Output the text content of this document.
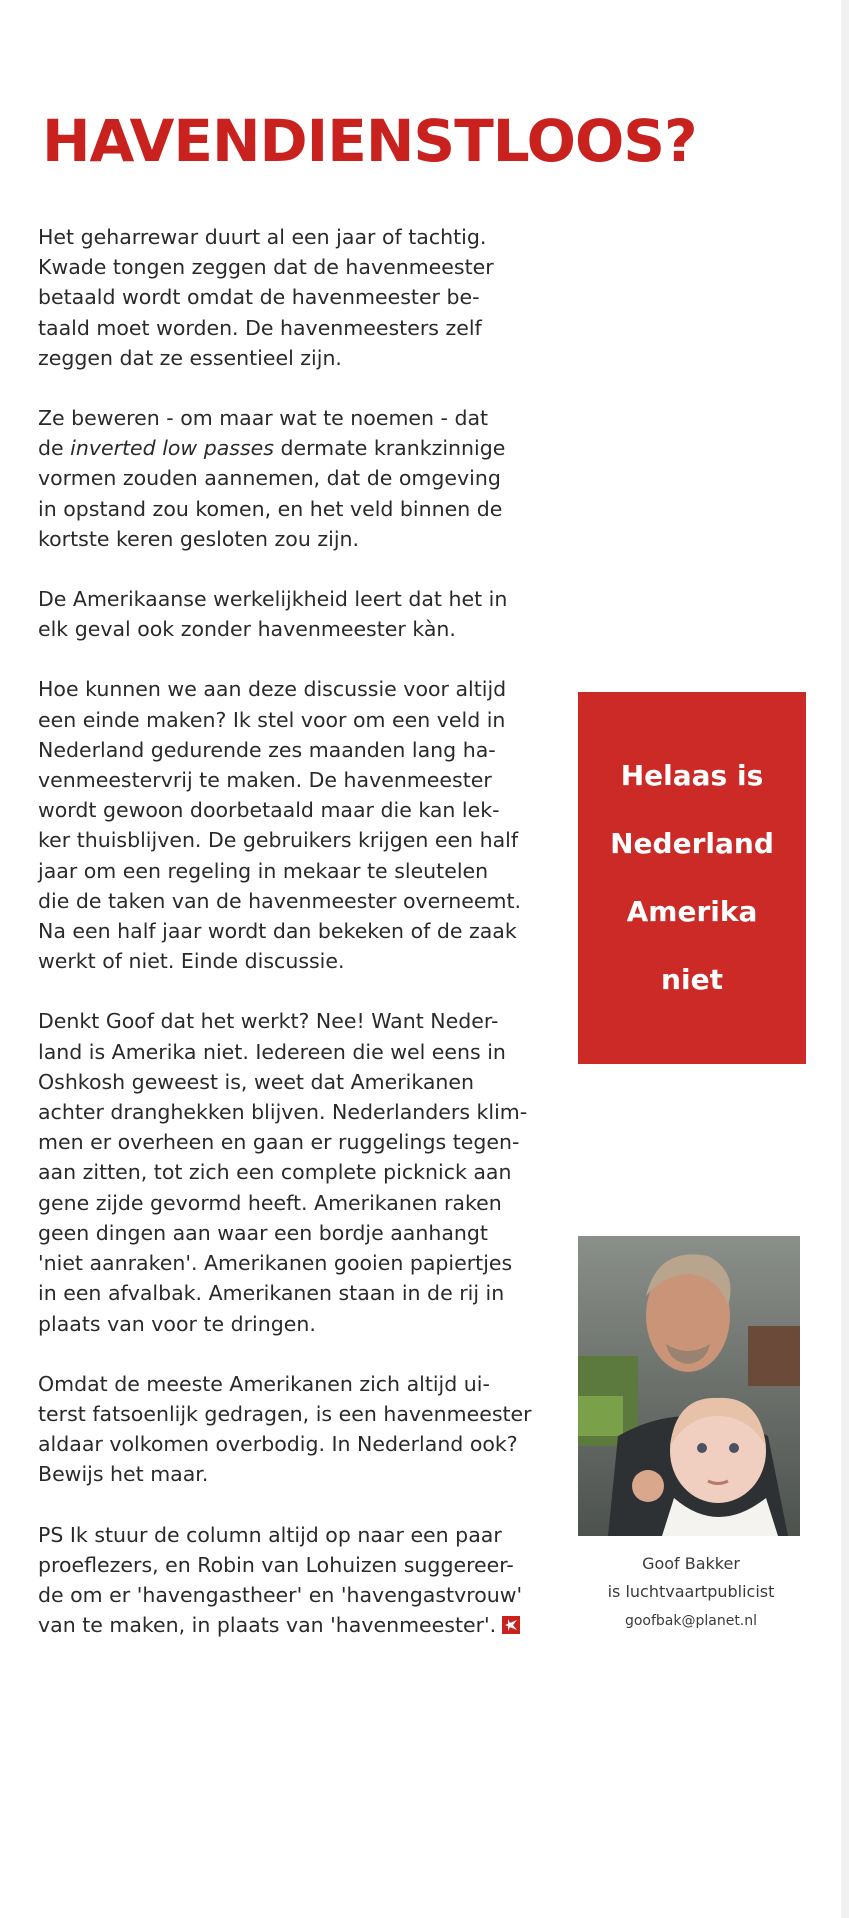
HAVENDIENSTLOOS?

Het geharrewar duurt al een jaar of tachtig.
Kwade tongen zeggen dat de havenmeester
betaald wordt omdat de havenmeester be-
taald moet worden. De havenmeesters zelf
zeggen dat ze essentieel zijn.

Ze beweren - om maar wat te noemen - dat
de inverted low passes dermate krankzinnige
vormen zouden aannemen, dat de omgeving
in opstand zou komen, en het veld binnen de
kortste keren gesloten zou zijn.

De Amerikaanse werkelijkheid leert dat het in
elk geval ook zonder havenmeester kàn.

Hoe kunnen we aan deze discussie voor altijd
een einde maken? Ik stel voor om een veld in
Nederland gedurende zes maanden lang ha-
venmeestervrij te maken. De havenmeester
wordt gewoon doorbetaald maar die kan lek-
ker thuisblijven. De gebruikers krijgen een half
jaar om een regeling in mekaar te sleutelen
die de taken van de havenmeester overneemt.
Na een half jaar wordt dan bekeken of de zaak
werkt of niet. Einde discussie.

Denkt Goof dat het werkt? Nee! Want Neder-
land is Amerika niet. Iedereen die wel eens in
Oshkosh geweest is, weet dat Amerikanen
achter dranghekken blijven. Nederlanders klim-
men er overheen en gaan er ruggelings tegen-
aan zitten, tot zich een complete picknick aan
gene zijde gevormd heeft. Amerikanen raken
geen dingen aan waar een bordje aanhangt
'niet aanraken'. Amerikanen gooien papiertjes
in een afvalbak. Amerikanen staan in de rij in
plaats van voor te dringen.

Omdat de meeste Amerikanen zich altijd ui-
terst fatsoenlijk gedragen, is een havenmeester
aldaar volkomen overbodig. In Nederland ook?
Bewijs het maar.

PS Ik stuur de column altijd op naar een paar
proeflezers, en Robin van Lohuizen suggereer-
de om er 'havengastheer' en 'havengastvrouw'
van te maken, in plaats van 'havenmeester'.

Helaas is
Nederland
Amerika
niet
Goof Bakker
is luchtvaartpublicist
goofbak@planet.nl
